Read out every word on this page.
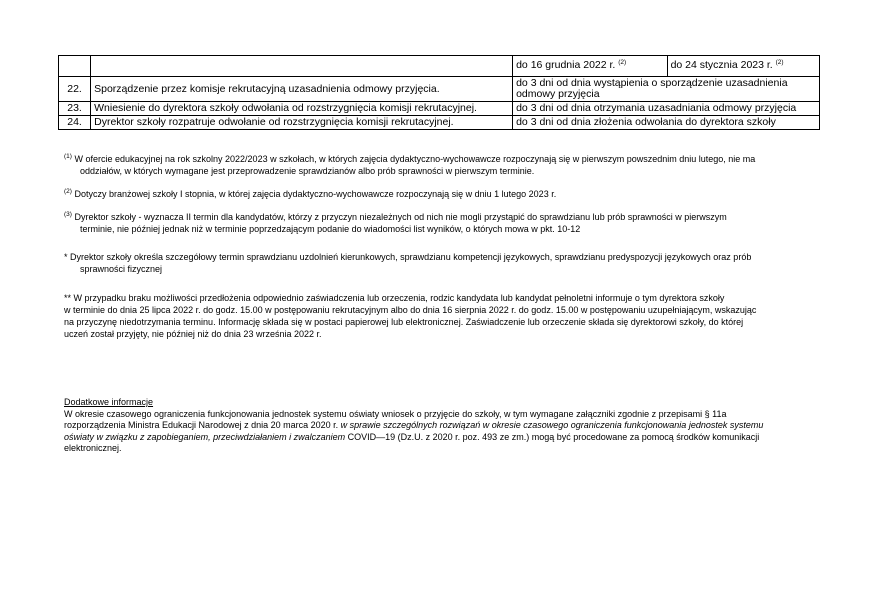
		do 16 grudnia 2022 r. $^{(2)}$	do 24 stycznia 2023 r. $^{(2)}$
22.	Sporządzenie przez komisje rekrutacyjną uzasadnienia odmowy przyjęcia.	do 3 dni od dnia wystąpienia o sporządzenie uzasadnienia odmowy przyjęcia	
23.	Wniesienie do dyrektora szkoły odwołania od rozstrzygnięcia komisji rekrutacyjnej.	do 3 dni od dnia otrzymania uzasadniania odmowy przyjęcia	
24.	Dyrektor szkoły rozpatruje odwołanie od rozstrzygnięcia komisji rekrutacyjnej.	do 3 dni od dnia złożenia odwołania do dyrektora szkoły	
$^{(1)}$ W ofercie edukacyjnej na rok szkolny 2022/2023 w szkołach, w których zajęcia dydaktyczno-wychowawcze rozpoczynają się w pierwszym powszednim dniu lutego, nie ma
oddziałów, w których wymagane jest przeprowadzenie sprawdzianów albo prób sprawności w pierwszym terminie.
$^{(2)}$ Dotyczy branżowej szkoły I stopnia, w której zajęcia dydaktyczno-wychowawcze rozpoczynają się w dniu 1 lutego 2023 r.
$^{(3)}$ Dyrektor szkoły - wyznacza II termin dla kandydatów, którzy z przyczyn niezależnych od nich nie mogli przystąpić do sprawdzianu lub prób sprawności w pierwszym
terminie, nie później jednak niż w terminie poprzedzającym podanie do wiadomości list wyników, o których mowa w pkt. 10-12
* Dyrektor szkoły określa szczegółowy termin sprawdzianu uzdolnień kierunkowych, sprawdzianu kompetencji językowych, sprawdzianu predyspozycji językowych oraz prób
sprawności fizycznej
** W przypadku braku możliwości przedłożenia odpowiednio zaświadczenia lub orzeczenia, rodzic kandydata lub kandydat pełnoletni informuje o tym dyrektora szkoły
w terminie do dnia 25 lipca 2022 r. do godz. 15.00 w postępowaniu rekrutacyjnym albo do dnia 16 sierpnia 2022 r. do godz. 15.00 w postępowaniu uzupełniającym, wskazując
na przyczynę niedotrzymania terminu. Informację składa się w postaci papierowej lub elektronicznej. Zaświadczenie lub orzeczenie składa się dyrektorowi szkoły, do której
uczeń został przyjęty, nie później niż do dnia 23 września 2022 r.
Dodatkowe informacje
W okresie czasowego ograniczenia funkcjonowania jednostek systemu oświaty wniosek o przyjęcie do szkoły, w tym wymagane załączniki zgodnie z przepisami § 11a
rozporządzenia Ministra Edukacji Narodowej z dnia 20 marca 2020 r. w sprawie szczególnych rozwiązań w okresie czasowego ograniczenia funkcjonowania jednostek systemu
oświaty w związku z zapobieganiem, przeciwdziałaniem i zwalczaniem COVID—19 (Dz.U. z 2020 r. poz. 493 ze zm.) mogą być procedowane za pomocą środków komunikacji
elektronicznej.
